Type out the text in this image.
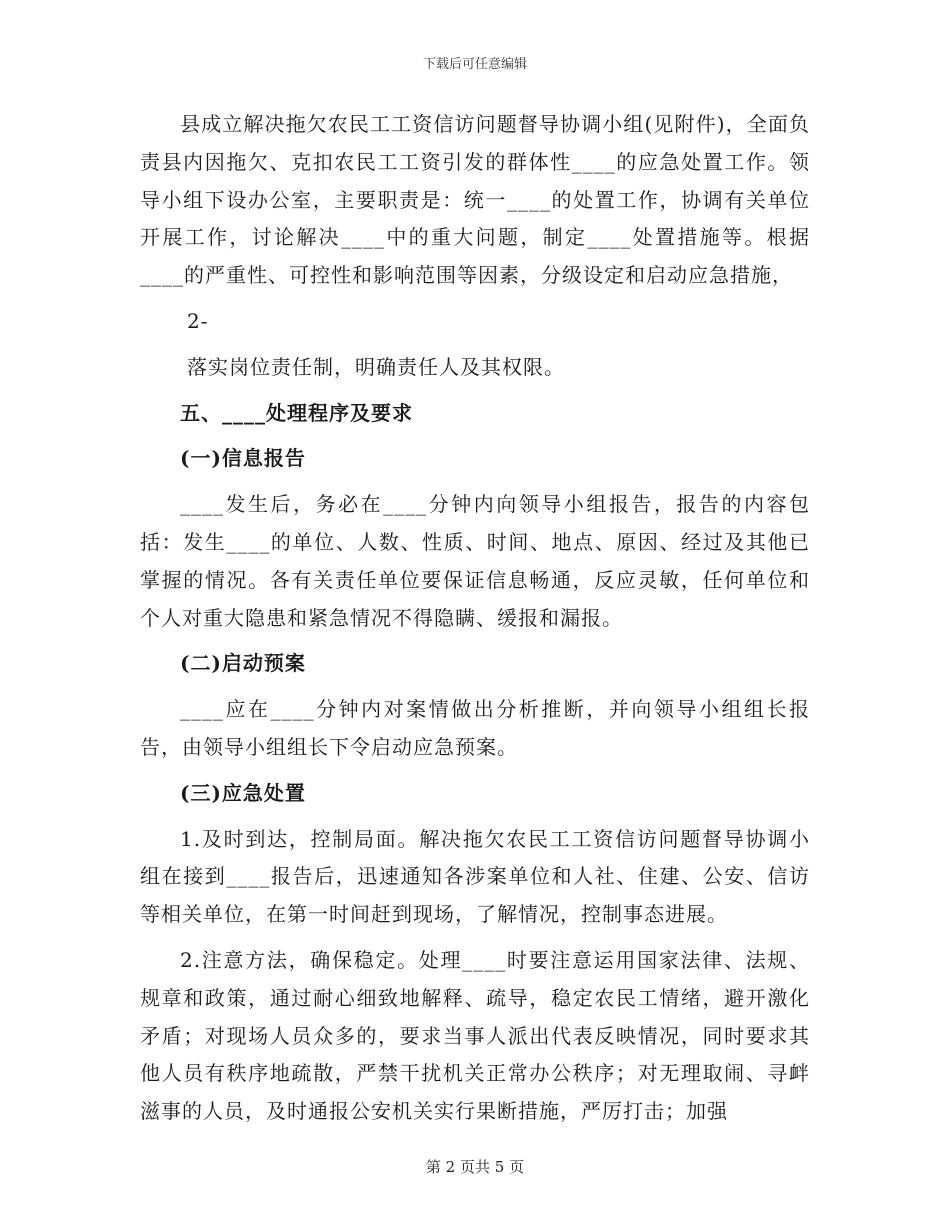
下载后可任意编辑

县成立解决拖欠农民工工资信访问题督导协调小组(见附件)，全面负责县内因拖欠、克扣农民工工资引发的群体性____的应急处置工作。领导小组下设办公室，主要职责是：统一____的处置工作，协调有关单位开展工作，讨论解决____中的重大问题，制定____处置措施等。根据____的严重性、可控性和影响范围等因素，分级设定和启动应急措施，

2-

落实岗位责任制，明确责任人及其权限。

五、____处理程序及要求

(一)信息报告

____发生后，务必在____分钟内向领导小组报告，报告的内容包括：发生____的单位、人数、性质、时间、地点、原因、经过及其他已掌握的情况。各有关责任单位要保证信息畅通，反应灵敏，任何单位和个人对重大隐患和紧急情况不得隐瞒、缓报和漏报。

(二)启动预案

____应在____分钟内对案情做出分析推断，并向领导小组组长报告，由领导小组组长下令启动应急预案。

(三)应急处置

1.及时到达，控制局面。解决拖欠农民工工资信访问题督导协调小组在接到____报告后，迅速通知各涉案单位和人社、住建、公安、信访等相关单位，在第一时间赶到现场，了解情况，控制事态进展。

2.注意方法，确保稳定。处理____时要注意运用国家法律、法规、规章和政策，通过耐心细致地解释、疏导，稳定农民工情绪，避开激化矛盾；对现场人员众多的，要求当事人派出代表反映情况，同时要求其他人员有秩序地疏散，严禁干扰机关正常办公秩序；对无理取闹、寻衅滋事的人员，及时通报公安机关实行果断措施，严厉打击；加强

第 2 页共 5 页
